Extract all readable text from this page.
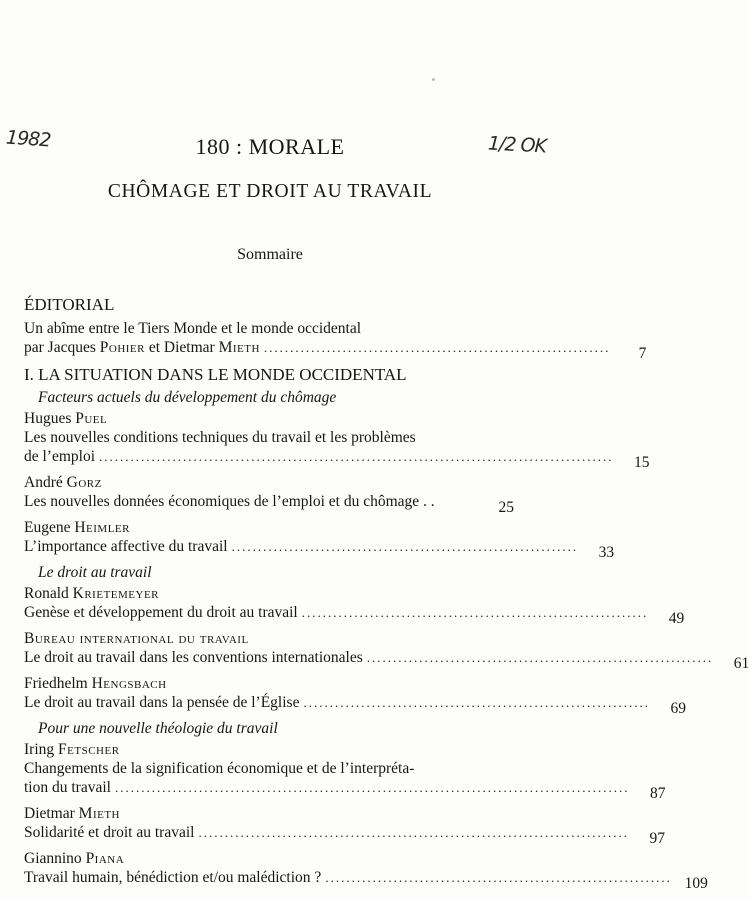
1982	1/2 OK
180 : MORALE
CHÔMAGE ET DROIT AU TRAVAIL
Sommaire
ÉDITORIAL
Un abîme entre le Tiers Monde et le monde occidental
par Jacques Pohier et Dietmar Mieth ..................................................................	7
I. LA SITUATION DANS LE MONDE OCCIDENTAL
Facteurs actuels du développement du chômage
Hugues Puel
Les nouvelles conditions techniques du travail et les problèmes
de l’emploi ..................................................................................................	15
André Gorz
Les nouvelles données économiques de l’emploi et du chômage . .	25
Eugene Heimler
L’importance affective du travail ..................................................................	33
Le droit au travail
Ronald Krietemeyer
Genèse et développement du droit au travail ..................................................................	49
Bureau international du travail
Le droit au travail dans les conventions internationales ..................................................................	61
Friedhelm Hengsbach
Le droit au travail dans la pensée de l’Église ..................................................................	69
Pour une nouvelle théologie du travail
Iring Fetscher
Changements de la signification économique et de l’interpréta-
tion du travail ..................................................................................................	87
Dietmar Mieth
Solidarité et droit au travail ..................................................................................	97
Giannino Piana
Travail humain, bénédiction et/ou malédiction ? .................................................................. 109
